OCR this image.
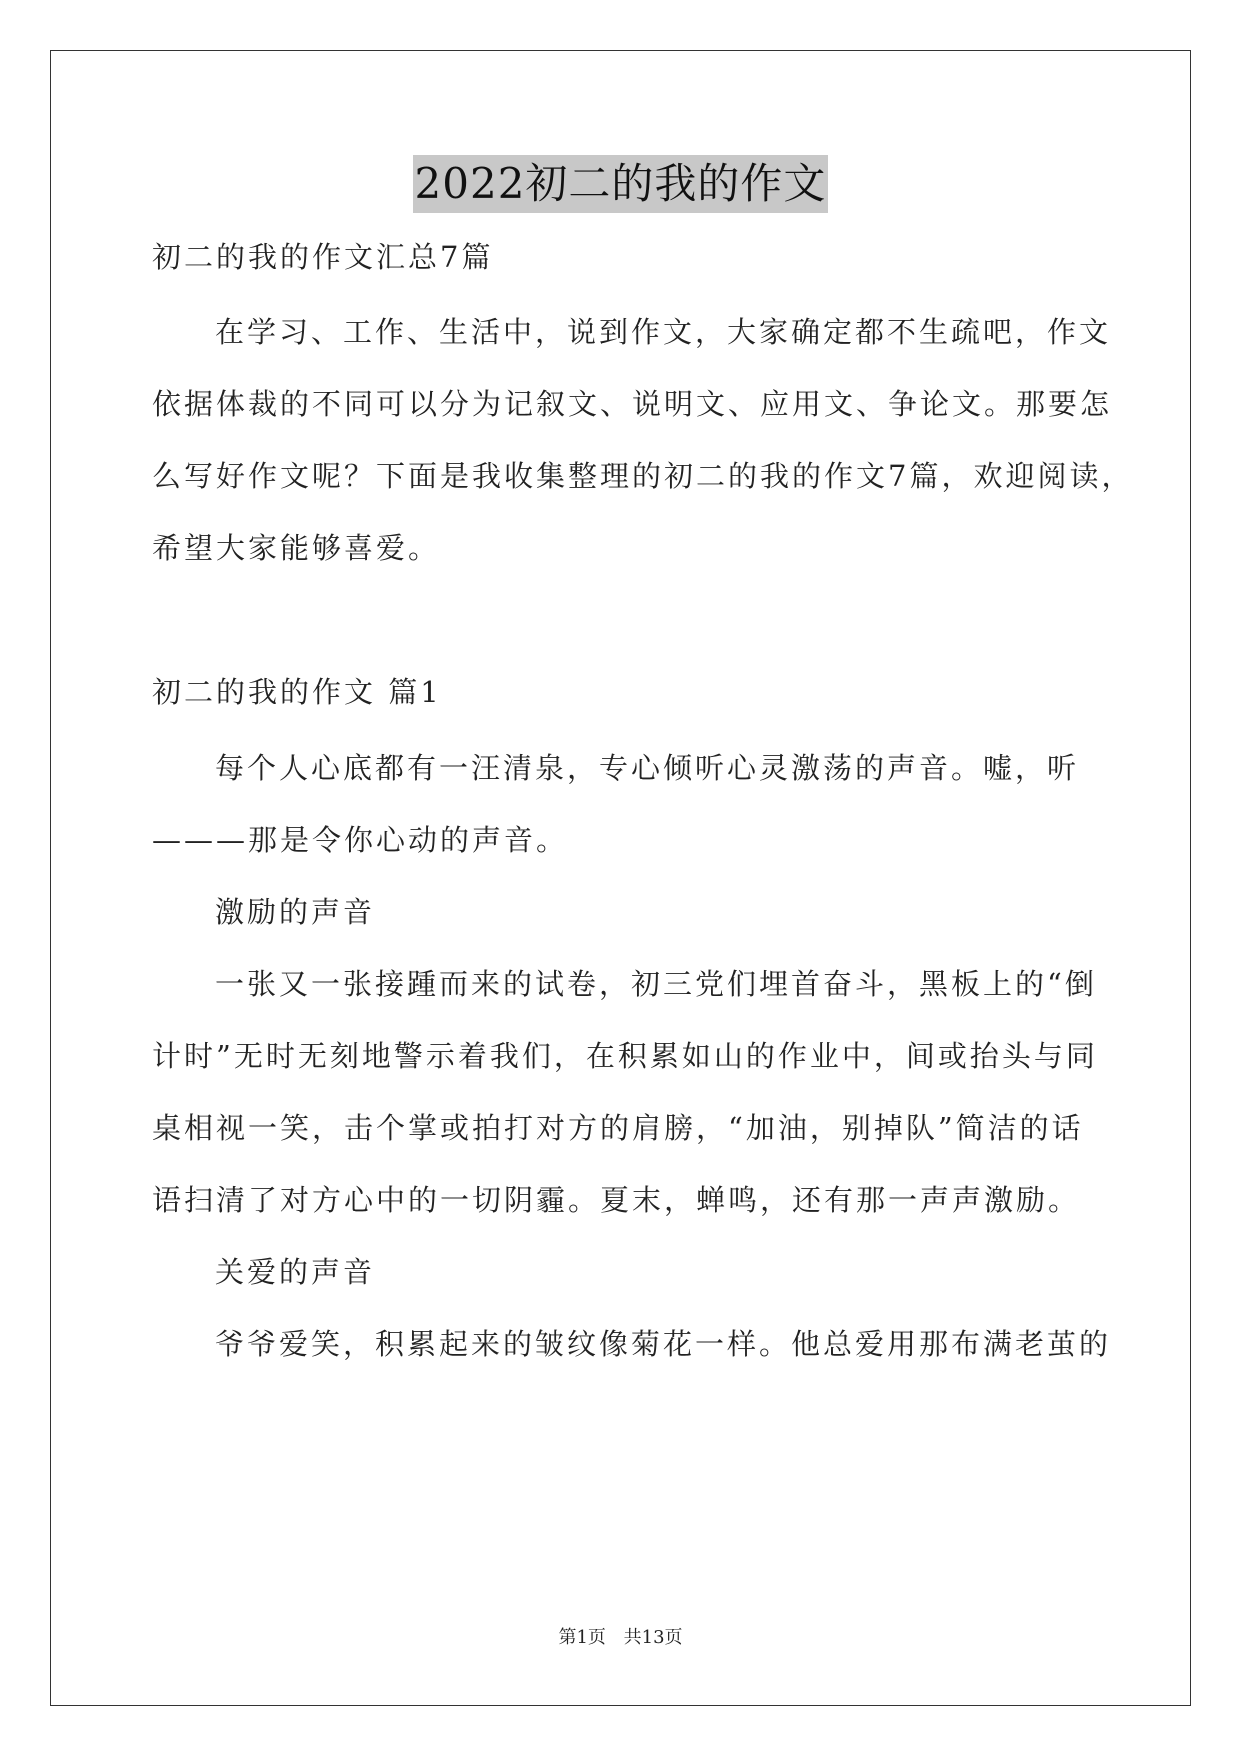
2022初二的我的作文
初二的我的作文汇总7篇
在学习、工作、生活中，说到作文，大家确定都不生疏吧，作文
依据体裁的不同可以分为记叙文、说明文、应用文、争论文。那要怎
么写好作文呢？下面是我收集整理的初二的我的作文7篇，欢迎阅读，
希望大家能够喜爱。
初二的我的作文 篇1
每个人心底都有一汪清泉，专心倾听心灵激荡的声音。嘘，听
———那是令你心动的声音。
激励的声音
一张又一张接踵而来的试卷，初三党们埋首奋斗，黑板上的“倒
计时”无时无刻地警示着我们，在积累如山的作业中，间或抬头与同
桌相视一笑，击个掌或拍打对方的肩膀，“加油，别掉队”简洁的话
语扫清了对方心中的一切阴霾。夏末，蝉鸣，还有那一声声激励。
关爱的声音
爷爷爱笑，积累起来的皱纹像菊花一样。他总爱用那布满老茧的
第1页 共13页
